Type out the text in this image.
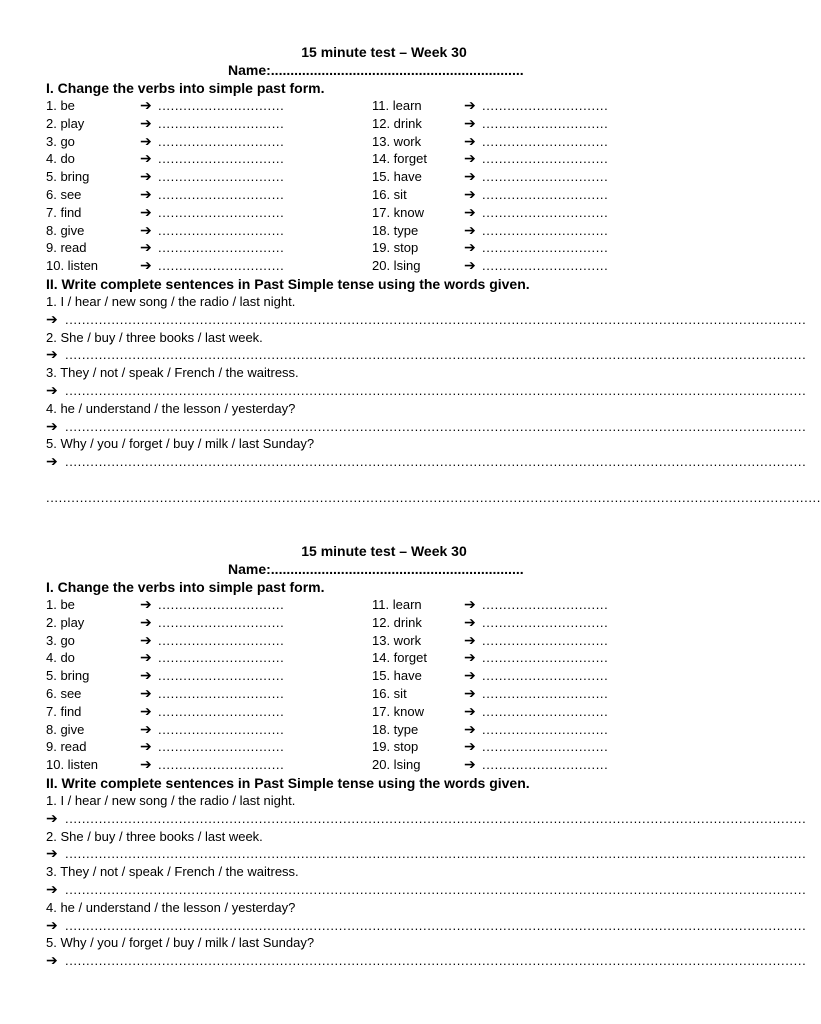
15 minute test – Week 30
Name:.................................................................
I. Change the verbs into simple past form.
1. be	➔ ..............................
2. play	➔ ..............................
3. go	➔ ..............................
4. do	➔ ..............................
5. bring	➔ ..............................
6. see	➔ ..............................
7. find	➔ ..............................
8. give	➔ ..............................
9. read	➔ ..............................
10. listen	➔ ..............................
11. learn	➔ ..............................
12. drink	➔ ..............................
13. work	➔ ..............................
14. forget	➔ ..............................
15. have	➔ ..............................
16. sit	➔ ..............................
17. know	➔ ..............................
18. type	➔ ..............................
19. stop	➔ ..............................
20. lsing	➔ ..............................
II. Write complete sentences in Past Simple tense using the words given.
1. I / hear / new song / the radio / last night.
➔ ................................................................................................................................................................................
2. She / buy / three books / last week.
➔ ................................................................................................................................................................................
3. They / not / speak / French / the waitress.
➔ ................................................................................................................................................................................
4. he / understand / the lesson / yesterday?
➔ ................................................................................................................................................................................
5. Why / you / forget / buy / milk / last Sunday?
➔ ................................................................................................................................................................................
........................................................................................................................................................................................
15 minute test – Week 30
Name:.................................................................
I. Change the verbs into simple past form.
1. be	➔ ..............................
2. play	➔ ..............................
3. go	➔ ..............................
4. do	➔ ..............................
5. bring	➔ ..............................
6. see	➔ ..............................
7. find	➔ ..............................
8. give	➔ ..............................
9. read	➔ ..............................
10. listen	➔ ..............................
11. learn	➔ ..............................
12. drink	➔ ..............................
13. work	➔ ..............................
14. forget	➔ ..............................
15. have	➔ ..............................
16. sit	➔ ..............................
17. know	➔ ..............................
18. type	➔ ..............................
19. stop	➔ ..............................
20. lsing	➔ ..............................
II. Write complete sentences in Past Simple tense using the words given.
1. I / hear / new song / the radio / last night.
➔ ................................................................................................................................................................................
2. She / buy / three books / last week.
➔ ................................................................................................................................................................................
3. They / not / speak / French / the waitress.
➔ ................................................................................................................................................................................
4. he / understand / the lesson / yesterday?
➔ ................................................................................................................................................................................
5. Why / you / forget / buy / milk / last Sunday?
➔ ................................................................................................................................................................................
